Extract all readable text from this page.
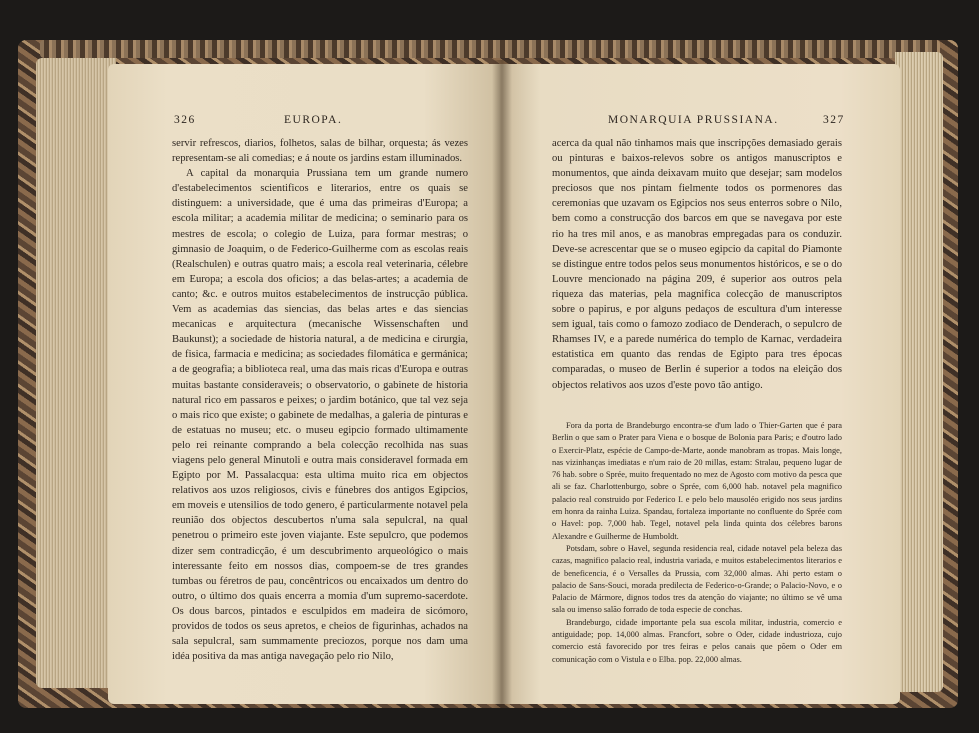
326	EUROPA.

servir refrescos, diarios, folhetos, salas de bilhar, orquesta; ás vezes representam-se ali comedias; e á noute os jardins estam illuminados.

A capital da monarquia Prussiana tem um grande numero d'estabelecimentos scientificos e literarios, entre os quais se distinguem: a universidade, que é uma das primeiras d'Europa; a escola militar; a academia militar de medicina; o seminario para os mestres de escola; o colegio de Luiza, para formar mestras; o gimnasio de Joaquim, o de Federico-Guilherme com as escolas reais (Realschulen) e outras quatro mais; a escola real veterinaria, célebre em Europa; a escola dos oficios; a das belas-artes; a academia de canto; &c. e outros muitos estabelecimentos de instrucção pública. Vem as academias das siencias, das belas artes e das siencias mecanicas e arquitectura (mecanische Wissenschaften und Baukunst); a sociedade de historia natural, a de medicina e cirurgia, de fisica, farmacia e medicina; as sociedades filomática e germánica; a de geografia; a biblioteca real, uma das mais ricas d'Europa e outras muitas bastante consideraveis; o observatorio, o gabinete de historia natural rico em passaros e peixes; o jardim botánico, que tal vez seja o mais rico que existe; o gabinete de medalhas, a galeria de pinturas e de estatuas no museu; etc. o museu egipcio formado ultimamente pelo rei reinante comprando a bela colecção recolhida nas suas viagens pelo general Minutoli e outra mais consideravel formada em Egipto por M. Passalacqua: esta ultima muito rica em objectos relativos aos uzos religiosos, civis e fúnebres dos antigos Egipcios, em moveis e utensilios de todo genero, é particularmente notavel pela reunião dos objectos descubertos n'uma sala sepulcral, na qual penetrou o primeiro este joven viajante. Este sepulcro, que podemos dizer sem contradicção, é um descubrimento arqueológico o mais interessante feito em nossos dias, compoem-se de tres grandes tumbas ou féretros de pau, concêntricos ou encaixados um dentro do outro, o último dos quais encerra a momia d'um supremo-sacerdote. Os dous barcos, pintados e esculpidos em madeira de sicómoro, providos de todos os seus apretos, e cheios de figurinhas, achados na sala sepulcral, sam summamente preciozos, porque nos dam uma idéa positiva da mas antiga navegação pelo rio Nilo,

MONARQUIA PRUSSIANA.	327

acerca da qual não tinhamos mais que inscripções demasiado gerais ou pinturas e baixos-relevos sobre os antigos manuscriptos e monumentos, que ainda deixavam muito que desejar; sam modelos preciosos que nos pintam fielmente todos os pormenores das ceremonias que uzavam os Egipcios nos seus enterros sobre o Nilo, bem como a construcção dos barcos em que se navegava por este rio ha tres mil anos, e as manobras empregadas para os conduzir. Deve-se acrescentar que se o museo egipcio da capital do Piamonte se distingue entre todos pelos seus monumentos históricos, e se o do Louvre mencionado na página 209, é superior aos outros pela riqueza das materias, pela magnifica colecção de manuscriptos sobre o papirus, e por alguns pedaços de escultura d'um interesse sem igual, tais como o famozo zodiaco de Denderach, o sepulcro de Rhamses IV, e a parede numérica do templo de Karnac, verdadeira estatistica em quanto das rendas de Egipto para tres épocas comparadas, o museo de Berlin é superior a todos na eleição dos objectos relativos aos uzos d'este povo tão antigo.

Fora da porta de Brandeburgo encontra-se d'um lado o Thier-Garten que é para Berlin o que sam o Prater para Viena e o bosque de Bolonia para Paris; e d'outro lado o Exercir-Platz, espécie de Campo-de-Marte, aonde manobram as tropas. Mais longe, nas vizinhanças imediatas e n'um raio de 20 millas, estam: Stralau, pequeno lugar de 76 hab. sobre o Sprée, muito frequentado no mez de Agosto com motivo da pesca que ali se faz. Charlottenburgo, sobre o Sprée, com 6,000 hab. notavel pela magnifico palacio real construido por Federico I. e pelo belo mausoléo erigido nos seus jardins em honra da rainha Luiza. Spandau, fortaleza importante no confluente do Sprée com o Havel: pop. 7,000 hab. Tegel, notavel pela linda quinta dos célebres barons Alexandre e Guilherme de Humboldt.

Potsdam, sobre o Havel, segunda residencia real, cidade notavel pela beleza das cazas, magnifico palacio real, industria variada, e muitos estabelecimentos literarios e de beneficencia, é o Versalles da Prussia, com 32,000 almas. Ahi perto estam o palacio de Sans-Souci, morada predilecta de Federico-o-Grande; o Palacio-Novo, e o Palacio de Mármore, dignos todos tres da atenção do viajante; no último se vê uma sala ou imenso salão forrado de toda especie de conchas.

Brandeburgo, cidade importante pela sua escola militar, industria, comercio e antiguidade; pop. 14,000 almas. Francfort, sobre o Oder, cidade industrioza, cujo comercio está favorecido por tres feiras e pelos canais que põem o Oder em comunicação com o Vistula e o Elba. pop. 22,000 almas.
